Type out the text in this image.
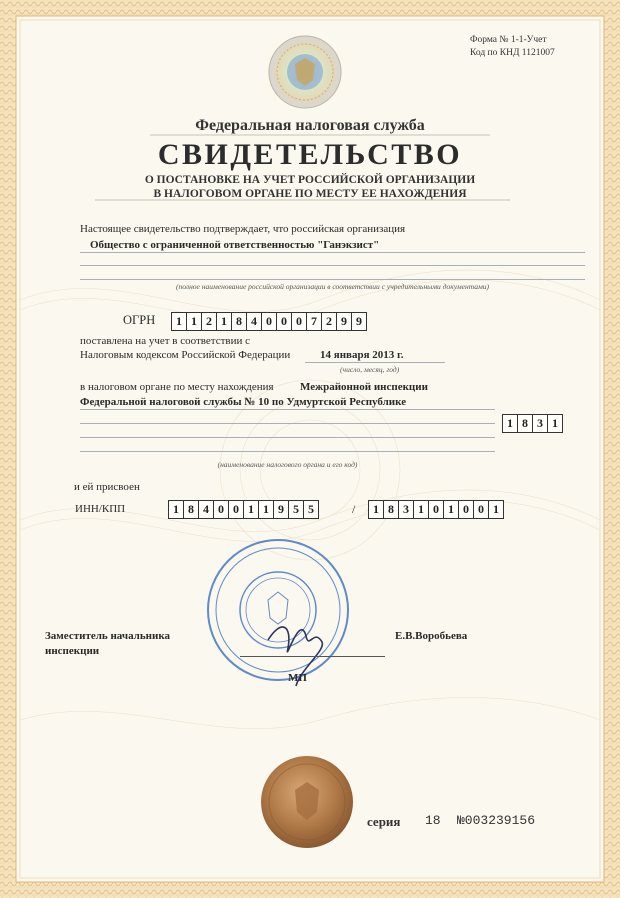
Форма № 1-1-Учет
Код по КНД 1121007
Федеральная налоговая служба
СВИДЕТЕЛЬСТВО
О ПОСТАНОВКЕ НА УЧЕТ РОССИЙСКОЙ ОРГАНИЗАЦИИ
В НАЛОГОВОМ ОРГАНЕ ПО МЕСТУ ЕЕ НАХОЖДЕНИЯ
Настоящее свидетельство подтверждает, что российская организация
Общество с ограниченной ответственностью "Ганэкзист"
(полное наименование российской организации в соответствии с учредительными документами)
ОГРН	1 1 2 1 8 4 0 0 0 7 2 9 9
поставлена на учет в соответствии с
Налоговым кодексом Российской Федерации	14 января 2013 г.
(число, месяц, год)
в налоговом органе по месту нахождения Межрайонной инспекции
Федеральной налоговой службы № 10 по Удмуртской Республике
1 8 3 1
(наименование налогового органа и его код)
и ей присвоен
ИНН/КПП	1 8 4 0 0 1 1 9 5 5	/	1 8 3 1 0 1 0 0 1
Заместитель начальника
инспекции
Е.В.Воробьева
МП
серия 18 №003239156
